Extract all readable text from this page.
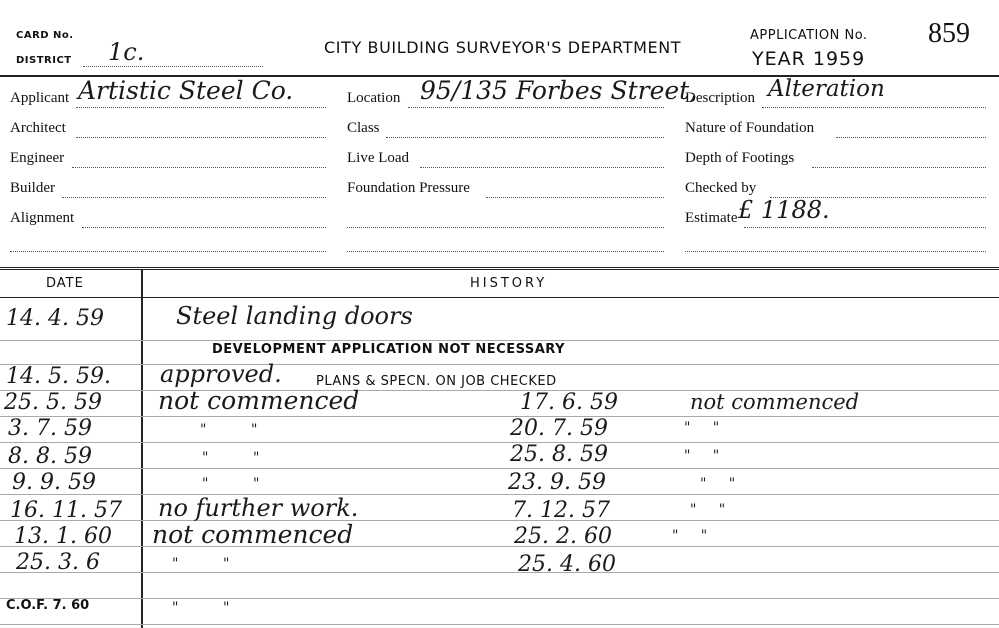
CARD No.
DISTRICT 1c.	CITY BUILDING SURVEYOR'S DEPARTMENT
APPLICATION No. 859
YEAR 1959
Applicant Artistic Steel Co.
Architect
Engineer
Builder
Alignment
Location 95/135 Forbes Street,
Class
Live Load
Foundation Pressure
Description Alteration
Nature of Foundation
Depth of Footings
Checked by
Estimate £ 1188.
DATE	HISTORY
14. 4. 59	Steel landing doors
DEVELOPMENT APPLICATION NOT NECESSARY
14. 5. 59. approved.	PLANS & SPECN. ON JOB CHECKED
25. 5. 59 not commenced	17. 6. 59	not commenced
3. 7. 59	"          "	20. 7. 59	"     "
8. 8. 59	"          "	25. 8. 59	"     "
9. 9. 59	"          "	23. 9. 59	"     "
16. 11. 57 no further work.	7. 12. 57	"     "
13. 1. 60 not commenced	25. 2. 60	"     "
25. 3. 6	"          "	25. 4. 60
C.O.F. 7. 60	"          "
